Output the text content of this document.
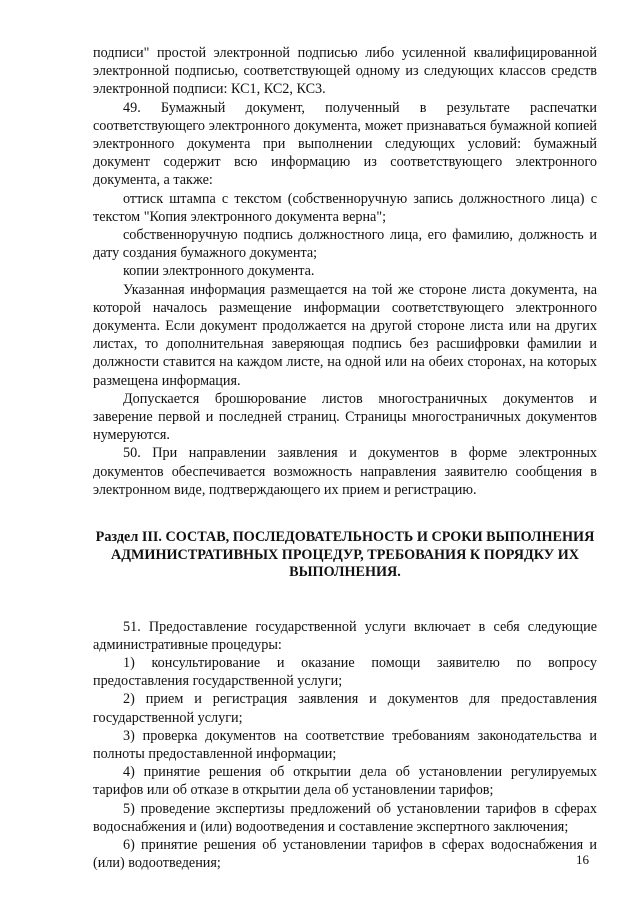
подписи" простой электронной подписью либо усиленной квалифицированной электронной подписью, соответствующей одному из следующих классов средств электронной подписи: КС1, КС2, КС3.

49. Бумажный документ, полученный в результате распечатки соответствующего электронного документа, может признаваться бумажной копией электронного документа при выполнении следующих условий: бумажный документ содержит всю информацию из соответствующего электронного документа, а также:

оттиск штампа с текстом (собственноручную запись должностного лица) с текстом "Копия электронного документа верна";

собственноручную подпись должностного лица, его фамилию, должность и дату создания бумажного документа;

копии электронного документа.

Указанная информация размещается на той же стороне листа документа, на которой началось размещение информации соответствующего электронного документа. Если документ продолжается на другой стороне листа или на других листах, то дополнительная заверяющая подпись без расшифровки фамилии и должности ставится на каждом листе, на одной или на обеих сторонах, на которых размещена информация.

Допускается брошюрование листов многостраничных документов и заверение первой и последней страниц. Страницы многостраничных документов нумеруются.

50. При направлении заявления и документов в форме электронных документов обеспечивается возможность направления заявителю сообщения в электронном виде, подтверждающего их прием и регистрацию.

Раздел III. СОСТАВ, ПОСЛЕДОВАТЕЛЬНОСТЬ И СРОКИ ВЫПОЛНЕНИЯ АДМИНИСТРАТИВНЫХ ПРОЦЕДУР, ТРЕБОВАНИЯ К ПОРЯДКУ ИХ ВЫПОЛНЕНИЯ.

51. Предоставление государственной услуги включает в себя следующие административные процедуры:

1) консультирование и оказание помощи заявителю по вопросу предоставления государственной услуги;

2) прием и регистрация заявления и документов для предоставления государственной услуги;

3) проверка документов на соответствие требованиям законодательства и полноты предоставленной информации;

4) принятие решения об открытии дела об установлении регулируемых тарифов или об отказе в открытии дела об установлении тарифов;

5) проведение экспертизы предложений об установлении тарифов в сферах водоснабжения и (или) водоотведения и составление экспертного заключения;

6) принятие решения об установлении тарифов в сферах водоснабжения и (или) водоотведения;	16
